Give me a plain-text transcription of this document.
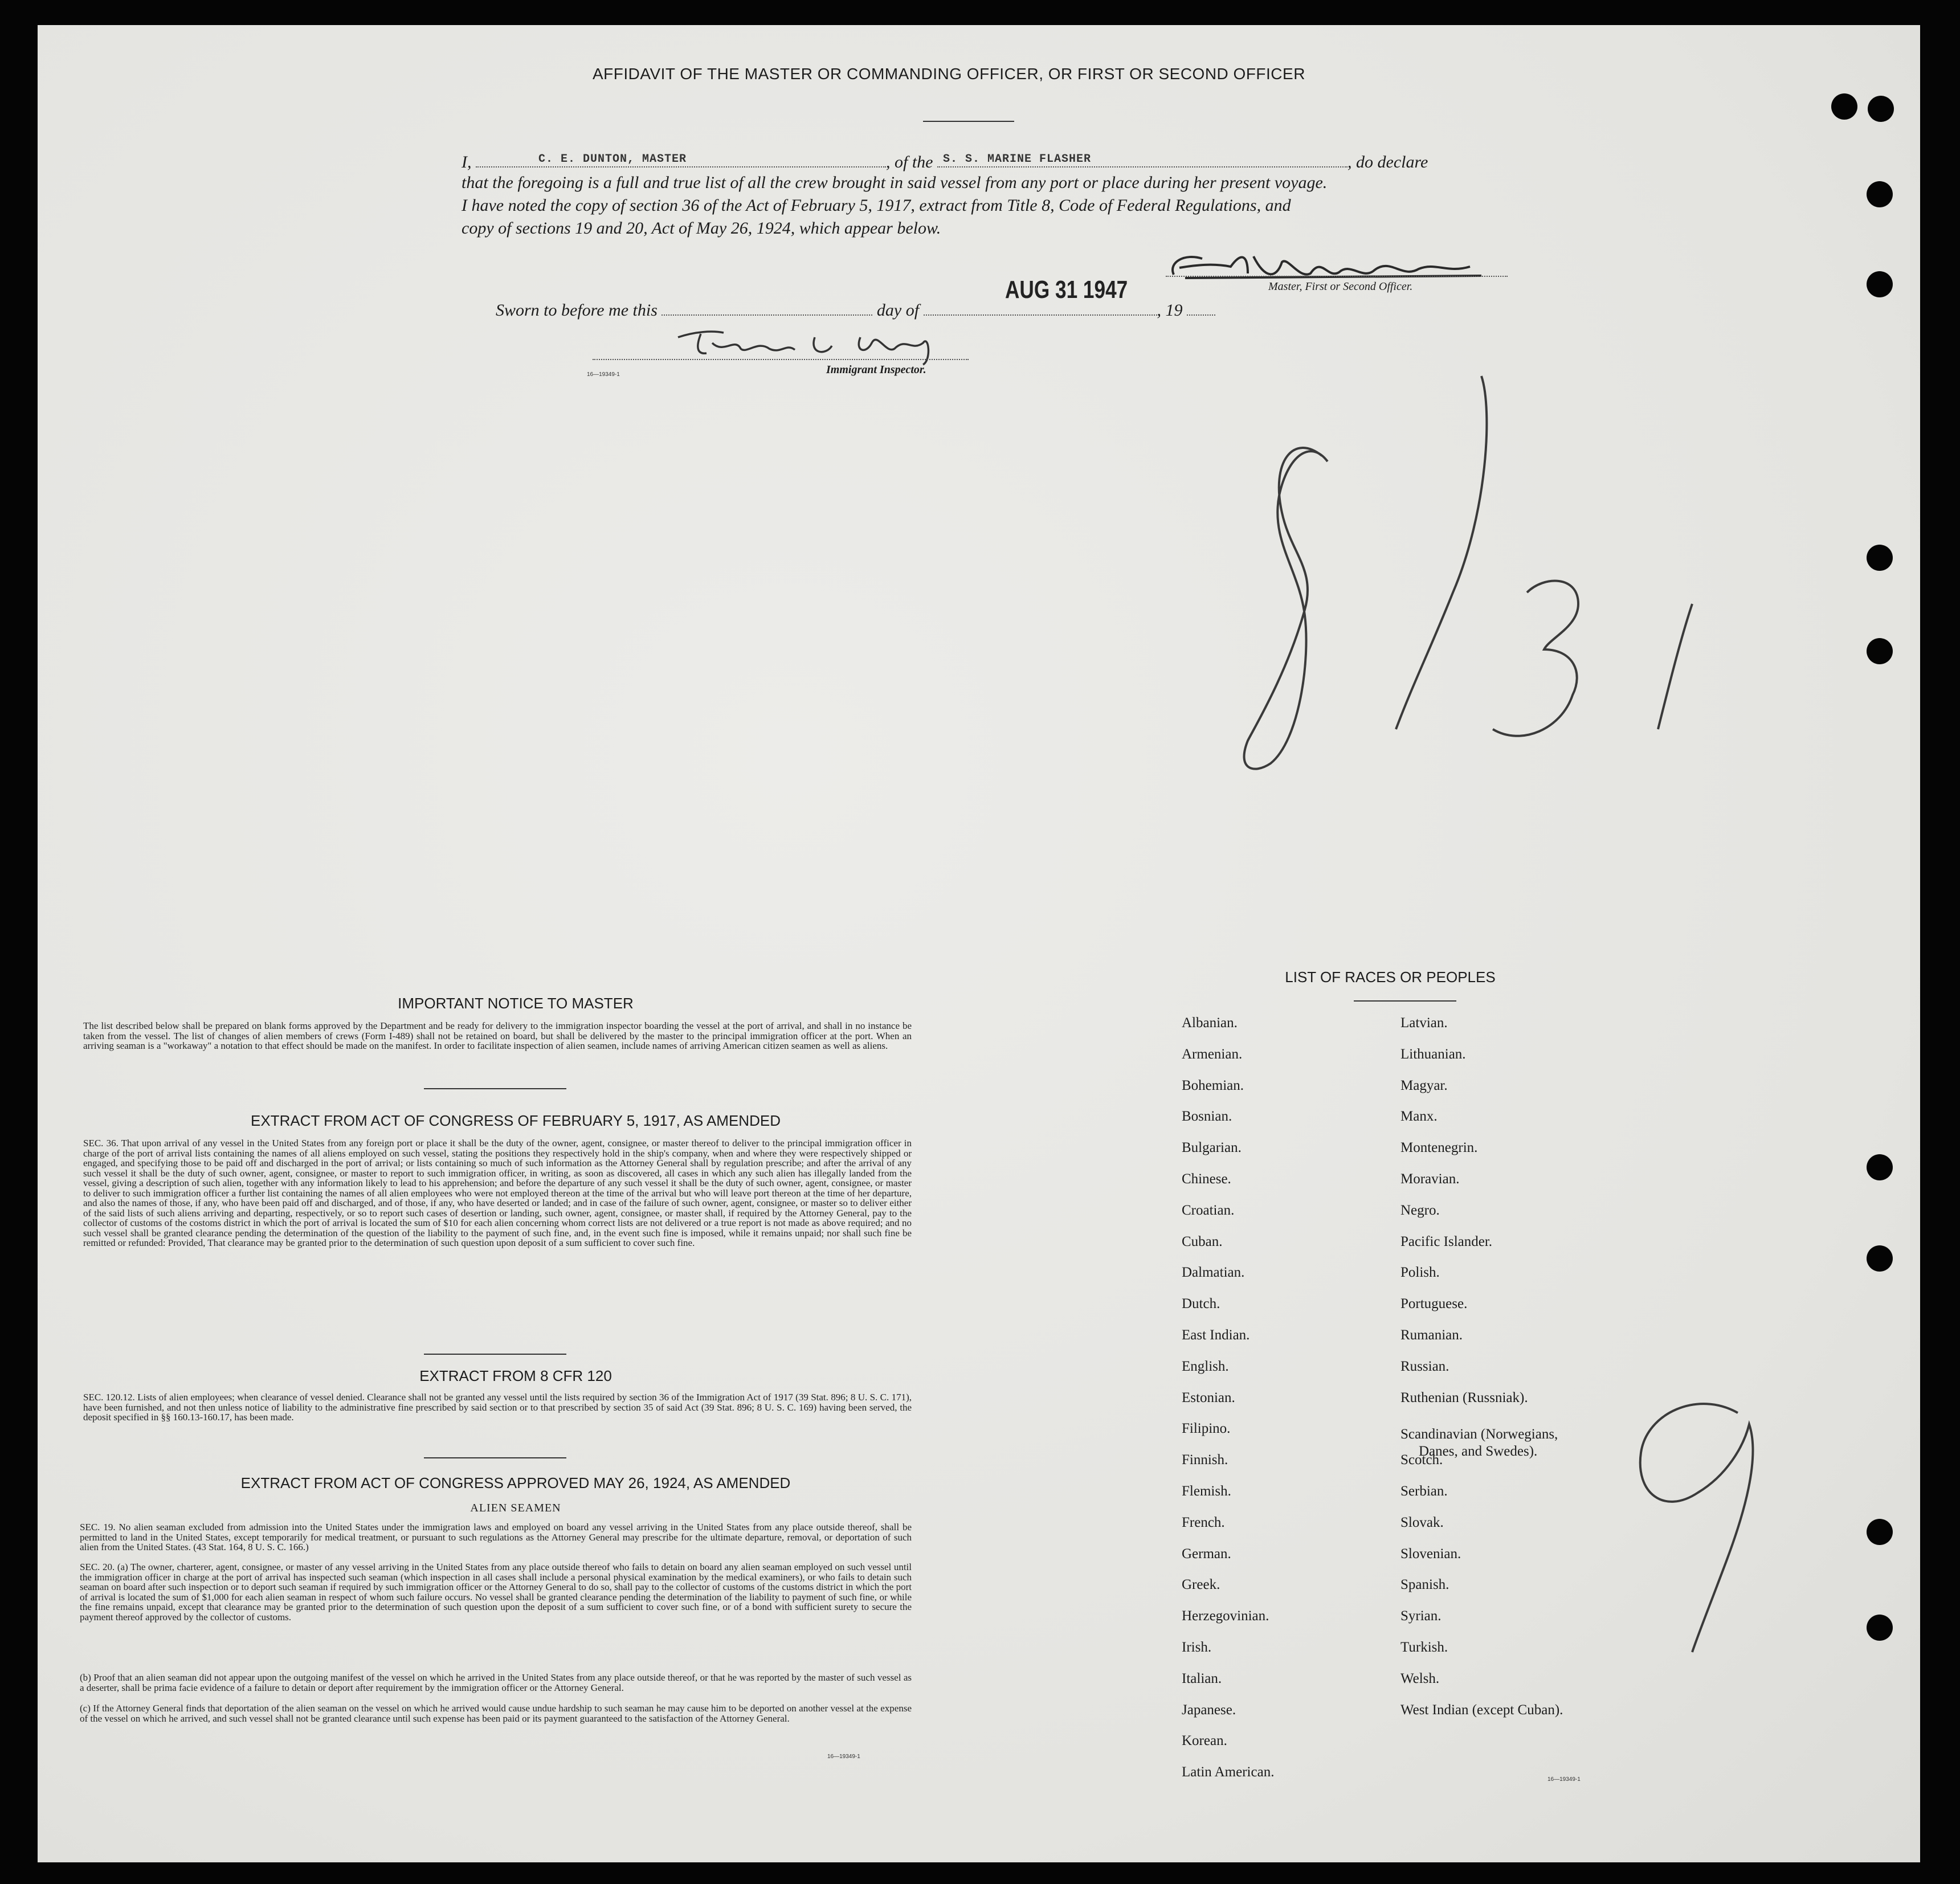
AFFIDAVIT OF THE MASTER OR COMMANDING OFFICER, OR FIRST OR SECOND OFFICER
I,	C. E. DUNTON, MASTER	, of the S. S. MARINE FLASHER	, do declare
that the foregoing is a full and true list of all the crew brought in said vessel from any port or place during her present voyage.
I have noted the copy of section 36 of the Act of February 5, 1917, extract from Title 8, Code of Federal Regulations, and
copy of sections 19 and 20, Act of May 26, 1924, which appear below.
Master, First or Second Officer.
Sworn to before me this	day of	, 19
AUG 31 1947
16—19349-1	Immigrant Inspector.
IMPORTANT NOTICE TO MASTER
The list described below shall be prepared on blank forms approved by the Department and be ready for delivery to the immigration inspector boarding the vessel at the port of arrival, and shall in no instance be taken from the vessel. The list of changes of alien members of crews (Form I-489) shall not be retained on board, but shall be delivered by the master to the principal immigration officer at the port. When an arriving seaman is a "workaway" a notation to that effect should be made on the manifest. In order to facilitate inspection of alien seamen, include names of arriving American citizen seamen as well as aliens.
EXTRACT FROM ACT OF CONGRESS OF FEBRUARY 5, 1917, AS AMENDED
SEC. 36. That upon arrival of any vessel in the United States from any foreign port or place it shall be the duty of the owner, agent, consignee, or master thereof to deliver to the principal immigration officer in charge of the port of arrival lists containing the names of all aliens employed on such vessel, stating the positions they respectively hold in the ship's company, when and where they were respectively shipped or engaged, and specifying those to be paid off and discharged in the port of arrival; or lists containing so much of such information as the Attorney General shall by regulation prescribe; and after the arrival of any such vessel it shall be the duty of such owner, agent, consignee, or master to report to such immigration officer, in writing, as soon as discovered, all cases in which any such alien has illegally landed from the vessel, giving a description of such alien, together with any information likely to lead to his apprehension; and before the departure of any such vessel it shall be the duty of such owner, agent, consignee, or master to deliver to such immigration officer a further list containing the names of all alien employees who were not employed thereon at the time of the arrival but who will leave port thereon at the time of her departure, and also the names of those, if any, who have been paid off and discharged, and of those, if any, who have deserted or landed; and in case of the failure of such owner, agent, consignee, or master so to deliver either of the said lists of such aliens arriving and departing, respectively, or so to report such cases of desertion or landing, such owner, agent, consignee, or master shall, if required by the Attorney General, pay to the collector of customs of the costoms district in which the port of arrival is located the sum of $10 for each alien concerning whom correct lists are not delivered or a true report is not made as above required; and no such vessel shall be granted clearance pending the determination of the question of the liability to the payment of such fine, and, in the event such fine is imposed, while it remains unpaid; nor shall such fine be remitted or refunded: Provided, That clearance may be granted prior to the determination of such question upon deposit of a sum sufficient to cover such fine.
EXTRACT FROM 8 CFR 120
SEC. 120.12. Lists of alien employees; when clearance of vessel denied. Clearance shall not be granted any vessel until the lists required by section 36 of the Immigration Act of 1917 (39 Stat. 896; 8 U. S. C. 171), have been furnished, and not then unless notice of liability to the administrative fine prescribed by said section or to that prescribed by section 35 of said Act (39 Stat. 896; 8 U. S. C. 169) having been served, the deposit specified in §§ 160.13-160.17, has been made.
EXTRACT FROM ACT OF CONGRESS APPROVED MAY 26, 1924, AS AMENDED
ALIEN SEAMEN
SEC. 19. No alien seaman excluded from admission into the United States under the immigration laws and employed on board any vessel arriving in the United States from any place outside thereof, shall be permitted to land in the United States, except temporarily for medical treatment, or pursuant to such regulations as the Attorney General may prescribe for the ultimate departure, removal, or deportation of such alien from the United States. (43 Stat. 164, 8 U. S. C. 166.)
SEC. 20. (a) The owner, charterer, agent, consignee, or master of any vessel arriving in the United States from any place outside thereof who fails to detain on board any alien seaman employed on such vessel until the immigration officer in charge at the port of arrival has inspected such seaman (which inspection in all cases shall include a personal physical examination by the medical examiners), or who fails to detain such seaman on board after such inspection or to deport such seaman if required by such immigration officer or the Attorney General to do so, shall pay to the collector of customs of the customs district in which the port of arrival is located the sum of $1,000 for each alien seaman in respect of whom such failure occurs. No vessel shall be granted clearance pending the determination of the liability to payment of such fine, or while the fine remains unpaid, except that clearance may be granted prior to the determination of such question upon the deposit of a sum sufficient to cover such fine, or of a bond with sufficient surety to secure the payment thereof approved by the collector of customs.
(b) Proof that an alien seaman did not appear upon the outgoing manifest of the vessel on which he arrived in the United States from any place outside thereof, or that he was reported by the master of such vessel as a deserter, shall be prima facie evidence of a failure to detain or deport after requirement by the immigration officer or the Attorney General.
(c) If the Attorney General finds that deportation of the alien seaman on the vessel on which he arrived would cause undue hardship to such seaman he may cause him to be deported on another vessel at the expense of the vessel on which he arrived, and such vessel shall not be granted clearance until such expense has been paid or its payment guaranteed to the satisfaction of the Attorney General.
16—19349-1
LIST OF RACES OR PEOPLES
Albanian.
Armenian.
Bohemian.
Bosnian.
Bulgarian.
Chinese.
Croatian.
Cuban.
Dalmatian.
Dutch.
East Indian.
English.
Estonian.
Filipino.
Finnish.
Flemish.
French.
German.
Greek.
Herzegovinian.
Irish.
Italian.
Japanese.
Korean.
Latin American.
Latvian.
Lithuanian.
Magyar.
Manx.
Montenegrin.
Moravian.
Negro.
Pacific Islander.
Polish.
Portuguese.
Rumanian.
Russian.
Ruthenian (Russniak).
Scandinavian (Norwegians,
Danes, and Swedes).
Scotch.
Serbian.
Slovak.
Slovenian.
Spanish.
Syrian.
Turkish.
Welsh.
West Indian (except Cuban).
16—19349-1
